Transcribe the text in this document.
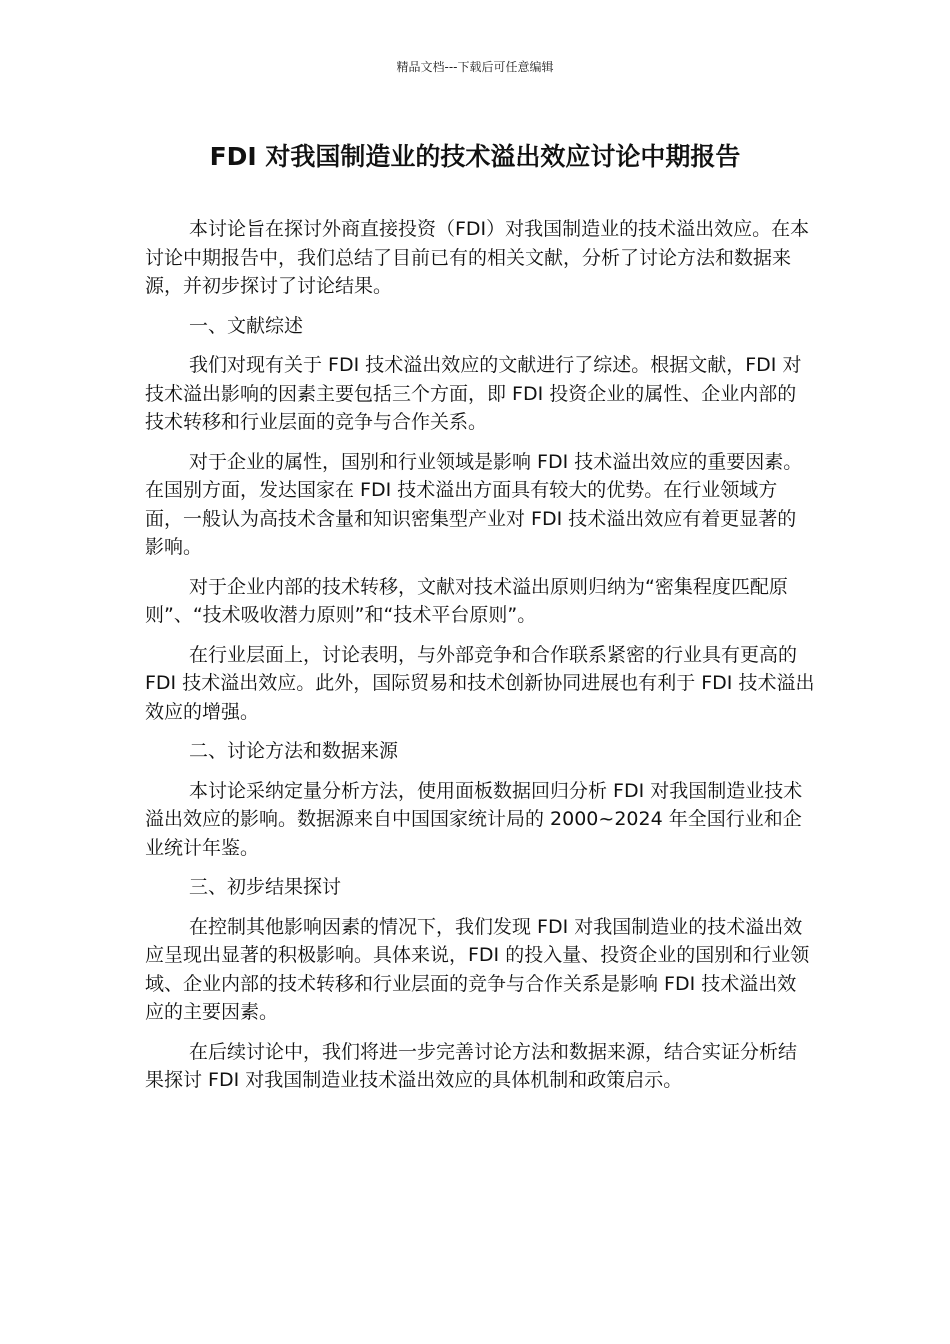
精品文档---下载后可任意编辑
FDI 对我国制造业的技术溢出效应讨论中期报告

本讨论旨在探讨外商直接投资（FDI）对我国制造业的技术溢出效应。在本讨论中期报告中，我们总结了目前已有的相关文献，分析了讨论方法和数据来源，并初步探讨了讨论结果。

一、文献综述

我们对现有关于 FDI 技术溢出效应的文献进行了综述。根据文献，FDI 对技术溢出影响的因素主要包括三个方面，即 FDI 投资企业的属性、企业内部的技术转移和行业层面的竞争与合作关系。

对于企业的属性，国别和行业领域是影响 FDI 技术溢出效应的重要因素。在国别方面，发达国家在 FDI 技术溢出方面具有较大的优势。在行业领域方面，一般认为高技术含量和知识密集型产业对 FDI 技术溢出效应有着更显著的影响。

对于企业内部的技术转移，文献对技术溢出原则归纳为“密集程度匹配原则”、“技术吸收潜力原则”和“技术平台原则”。

在行业层面上，讨论表明，与外部竞争和合作联系紧密的行业具有更高的 FDI 技术溢出效应。此外，国际贸易和技术创新协同进展也有利于 FDI 技术溢出效应的增强。

二、讨论方法和数据来源

本讨论采纳定量分析方法，使用面板数据回归分析 FDI 对我国制造业技术溢出效应的影响。数据源来自中国国家统计局的 2000~2024 年全国行业和企业统计年鉴。

三、初步结果探讨

在控制其他影响因素的情况下，我们发现 FDI 对我国制造业的技术溢出效应呈现出显著的积极影响。具体来说，FDI 的投入量、投资企业的国别和行业领域、企业内部的技术转移和行业层面的竞争与合作关系是影响 FDI 技术溢出效应的主要因素。

在后续讨论中，我们将进一步完善讨论方法和数据来源，结合实证分析结果探讨 FDI 对我国制造业技术溢出效应的具体机制和政策启示。
